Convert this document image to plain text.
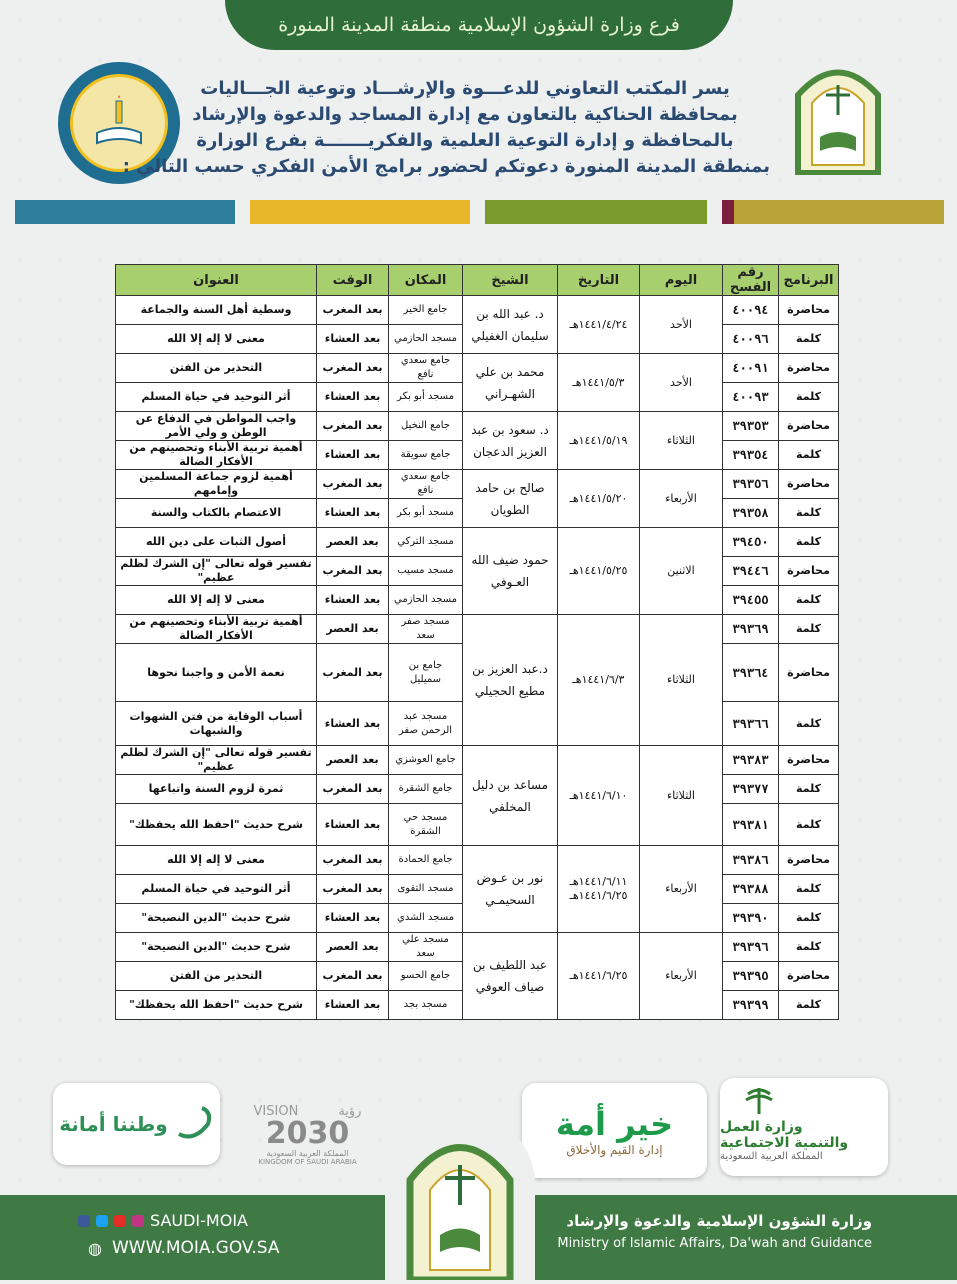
فرع وزارة الشؤون الإسلامية منطقة المدينة المنورة
يسر المكتب التعاوني للدعـــوة والإرشـــاد وتوعية الجـــاليات
بمحافظة الحناكية بالتعاون مع إدارة المساجد والدعوة والإرشاد
بالمحافظة و إدارة التوعية العلمية والفكريـــــــة بفرع الوزارة
بمنطقة المدينة المنورة دعوتكم لحضور برامج الأمن الفكري حسب التالي :
البرنامج	رقم الفسح	اليوم	التاريخ	الشيخ	المكان	الوقت	العنوان
محاضرة	٤٠٠٩٤	الأحد	١٤٤١/٤/٢٤هـ	د. عبد الله بن سليمان الغفيلي	جامع الخير	بعد المغرب	وسطية أهل السنة والجماعة
كلمة	٤٠٠٩٦				مسجد الحازمي	بعد العشاء	معنى لا إله إلا الله
محاضرة	٤٠٠٩١	الأحد	١٤٤١/٥/٣هـ	محمد بن علي الشهـراني	جامع سعدي نافع	بعد المغرب	التحذير من الفتن
كلمة	٤٠٠٩٣				مسجد أبو بكر	بعد العشاء	أثر التوحيد في حياة المسلم
محاضرة	٣٩٣٥٣	الثلاثاء	١٤٤١/٥/١٩هـ	د. سعود بن عبد العزيز الدعجان	جامع النخيل	بعد المغرب	واجب المواطن في الدفاع عن الوطن و ولي الأمر
كلمة	٣٩٣٥٤				جامع سويقة	بعد العشاء	أهمية تربية الأبناء وتحصينهم من الأفكار الضالة
محاضرة	٣٩٣٥٦	الأربعاء	١٤٤١/٥/٢٠هـ	صالح بن حامد الطويان	جامع سعدي نافع	بعد المغرب	أهمية لزوم جماعة المسلمين وإمامهم
كلمة	٣٩٣٥٨				مسجد أبو بكر	بعد العشاء	الاعتصام بالكتاب والسنة
كلمة	٣٩٤٥٠	الاثنين	١٤٤١/٥/٢٥هـ	حمود ضيف الله العـوفي	مسجد التركي	بعد العصر	أصول الثبات على دين الله
محاضرة	٣٩٤٤٦				مسجد مسيب	بعد المغرب	تفسير قوله تعالى "إن الشرك لظلم عظيم"
كلمة	٣٩٤٥٥				مسجد الحازمي	بعد العشاء	معنى لا إله إلا الله
كلمة	٣٩٣٦٩	الثلاثاء	١٤٤١/٦/٣هـ	د.عبد العزيز بن مطيع الحجيلي	مسجد صفر سعد	بعد العصر	أهمية تربية الأبناء وتحصينهم من الأفكار الضالة
محاضرة	٣٩٣٦٤				جامع بن سميليل	بعد المغرب	نعمة الأمن و واجبنا نحوها
كلمة	٣٩٣٦٦				مسجد عبد الرحمن صفر	بعد العشاء	أسباب الوقاية من فتن الشهوات والشبهات
محاضرة	٣٩٣٨٣	الثلاثاء	١٤٤١/٦/١٠هـ	مساعد بن دليل المخلفي	جامع العوشزي	بعد العصر	تفسير قوله تعالى "إن الشرك لظلم عظيم"
كلمة	٣٩٣٧٧				جامع الشقرة	بعد المغرب	ثمرة لزوم السنة واتباعها
كلمة	٣٩٣٨١				مسجد حي الشقرة	بعد العشاء	شرح حديث "احفظ الله يحفظك"
محاضرة	٣٩٣٨٦	الأربعاء	١٤٤١/٦/١١هـ ١٤٤١/٦/٢٥هـ	نور بن عـوض السحيمـي	جامع الحمادة	بعد المغرب	معنى لا إله إلا الله
كلمة	٣٩٣٨٨				مسجد التقوى	بعد المغرب	أثر التوحيد في حياة المسلم
كلمة	٣٩٣٩٠				مسجد الشدي	بعد العشاء	شرح حديث "الدين النصيحة"
كلمة	٣٩٣٩٦	الأربعاء	١٤٤١/٦/٢٥هـ	عبد اللطيف بن صياف العوفي	مسجد علي سعد	بعد العصر	شرح حديث "الدين النصيحة"
محاضرة	٣٩٣٩٥				جامع الحسو	بعد المغرب	التحذير من الفتن
كلمة	٣٩٣٩٩				مسجد بجد	بعد العشاء	شرح حديث "احفظ الله يحفظك"
وطننا أمانة
VISION	رؤية
2030
المملكة العربية السعودية
KINGDOM OF SAUDI ARABIA
خير أمة
إدارة القيم والأخلاق
وزارة العمل
والتنمية الاجتماعية
المملكة العربية السعودية
SAUDI-MOIA
◍ WWW.MOIA.GOV.SA
وزارة الشؤون الإسلامية والدعوة والإرشاد
Ministry of Islamic Affairs, Da'wah and Guidance
